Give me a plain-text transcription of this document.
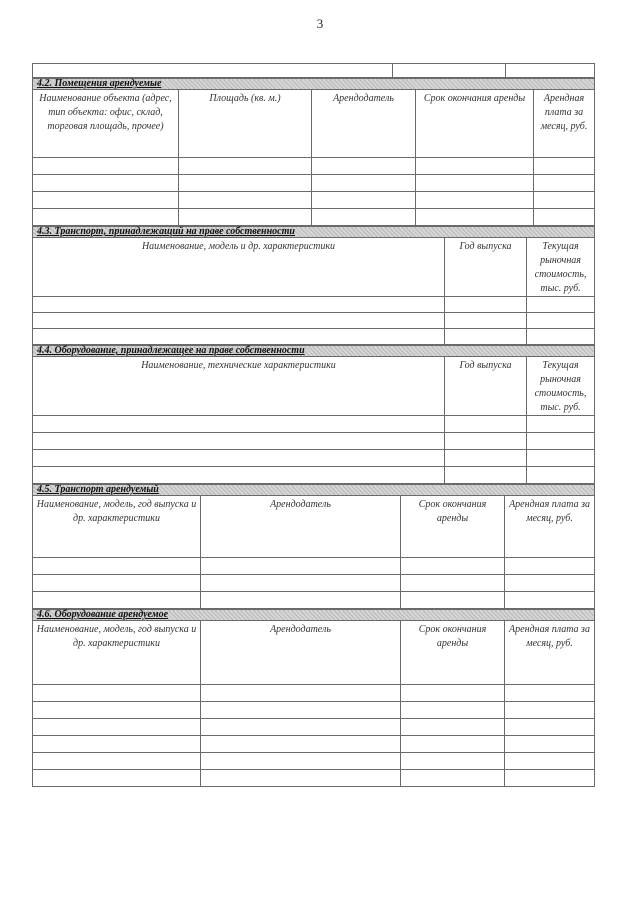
3

4.2. Помещения арендуемые				
Наименование объекта (адрес, тип объекта: офис, склад, торговая площадь, прочее)	Площадь (кв. м.)	Арендодатель	Срок окончания аренды	Арендная плата за месяц, руб.

4.3. Транспорт, принадлежащий на праве собственности		
Наименование, модель и др. характеристики	Год выпуска	Текущая рыночная стоимость, тыс. руб.

4.4. Оборудование, принадлежащее на праве собственности		
Наименование, технические характеристики	Год выпуска	Текущая рыночная стоимость, тыс. руб.

4.5. Транспорт арендуемый			
Наименование, модель, год выпуска и др. характеристики	Арендодатель	Срок окончания аренды	Арендная плата за месяц, руб.

4.6. Оборудование арендуемое			
Наименование, модель, год выпуска и др. характеристики	Арендодатель	Срок окончания аренды	Арендная плата за месяц, руб.
